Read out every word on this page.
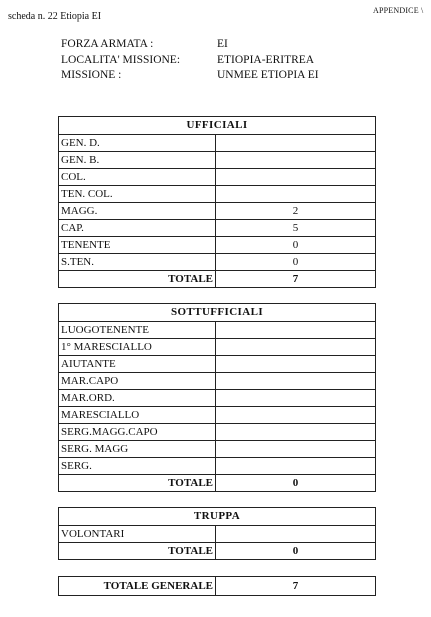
scheda n. 22 Etiopia EI
APPENDICE \
FORZA ARMATA :	EI
LOCALITA' MISSIONE:	ETIOPIA-ERITREA
MISSIONE :	UNMEE ETIOPIA EI
UFFICIALI	
GEN. D.	
GEN. B.	
COL.	
TEN. COL.	
MAGG.	2
CAP.	5
TENENTE	0
S.TEN.	0
TOTALE	7
SOTTUFFICIALI	
LUOGOTENENTE	
1° MARESCIALLO	
AIUTANTE	
MAR.CAPO	
MAR.ORD.	
MARESCIALLO	
SERG.MAGG.CAPO	
SERG. MAGG	
SERG.	
TOTALE	0
TRUPPA	
VOLONTARI	
TOTALE	0
TOTALE GENERALE	7
